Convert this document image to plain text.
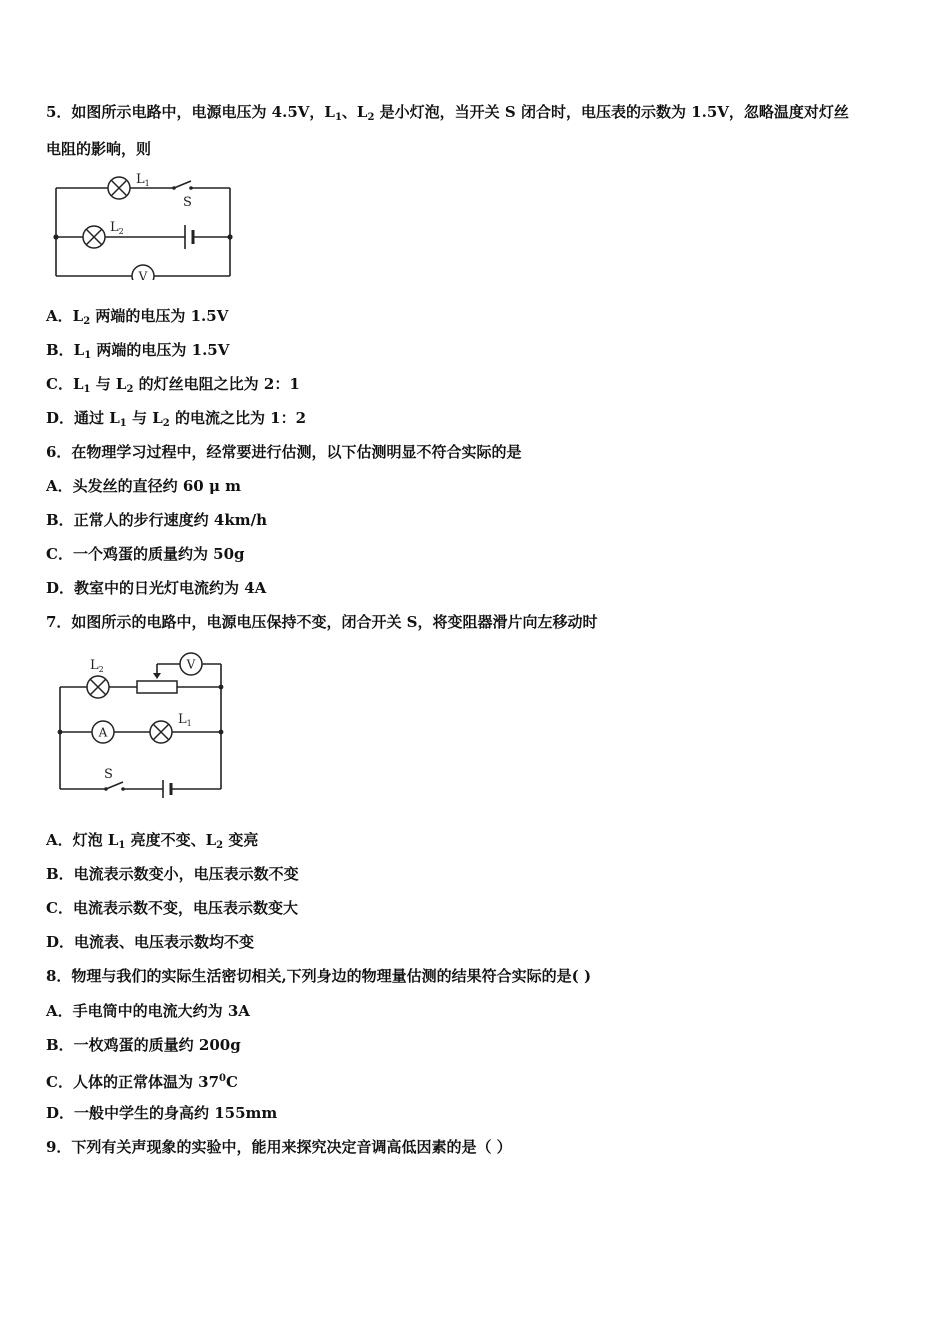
5．如图所示电路中，电源电压为 4.5V，$L_1$、$L_2$ 是小灯泡，当开关 S 闭合时，电压表的示数为 1.5V，忽略温度对灯丝
电阻的影响，则
V
$L_1$
S
$L_2$
A．$L_2$ 两端的电压为 1.5V
B．$L_1$ 两端的电压为 1.5V
C．$L_1$ 与 $L_2$ 的灯丝电阻之比为 2：1
D．通过 $L_1$ 与 $L_2$ 的电流之比为 1：2
6．在物理学习过程中，经常要进行估测，以下估测明显不符合实际的是
A．头发丝的直径约 60 μ m
B．正常人的步行速度约 4km/h
C．一个鸡蛋的质量约为 50g
D．教室中的日光灯电流约为 4A
7．如图所示的电路中，电源电压保持不变，闭合开关 S，将变阻器滑片向左移动时
V
A
$L_2$
$L_1$
S
A．灯泡 $L_1$ 亮度不变、$L_2$ 变亮
B．电流表示数变小，电压表示数不变
C．电流表示数不变，电压表示数变大
D．电流表、电压表示数均不变
8．物理与我们的实际生活密切相关,下列身边的物理量估测的结果符合实际的是( )
A．手电筒中的电流大约为 3A
B．一枚鸡蛋的质量约 200g
C．人体的正常体温为 $37^0C$
D．一般中学生的身高约 155mm
9．下列有关声现象的实验中，能用来探究决定音调高低因素的是（ ）
